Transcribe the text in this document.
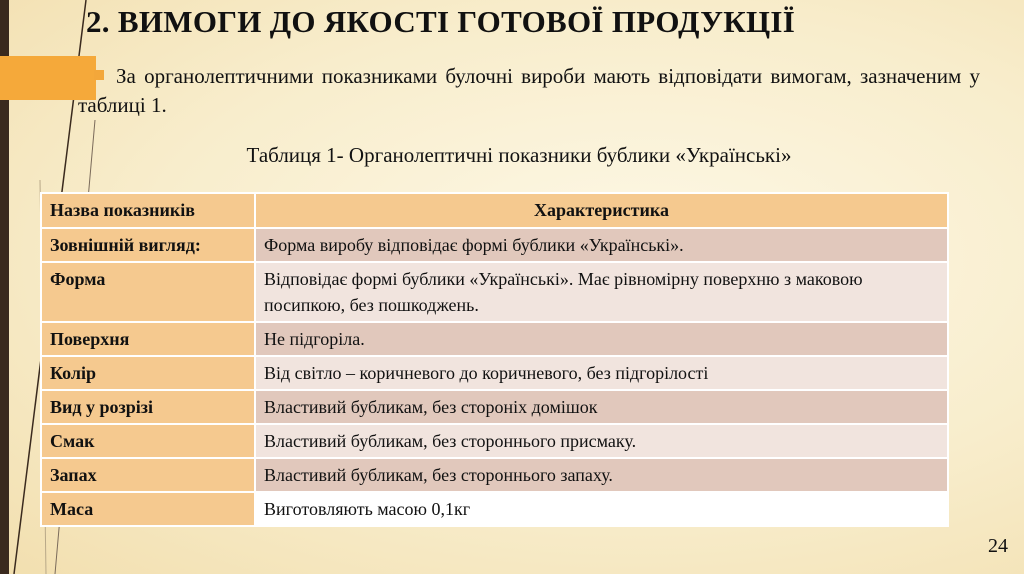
2. ВИМОГИ ДО ЯКОСТІ ГОТОВОЇ ПРОДУКЦІЇ
За органолептичними показниками булочні вироби мають відповідати вимогам, зазначеним у таблиці 1.
Таблиця 1- Органолептичні показники бублики «Українські»
Назва показників	Характеристика
Зовнішній вигляд:	Форма виробу відповідає формі бублики «Українські».
Форма	Відповідає формі бублики «Українські». Має рівномірну поверхню з маковою посипкою, без пошкоджень.
Поверхня	Не підгоріла.
Колір	Від світло – коричневого до коричневого, без підгорілості
Вид у розрізі	Властивий бубликам, без стороніх домішок
Смак	Властивий бубликам, без стороннього присмаку.
Запах	Властивий бубликам, без стороннього запаху.
Маса	Виготовляють масою 0,1кг
24
